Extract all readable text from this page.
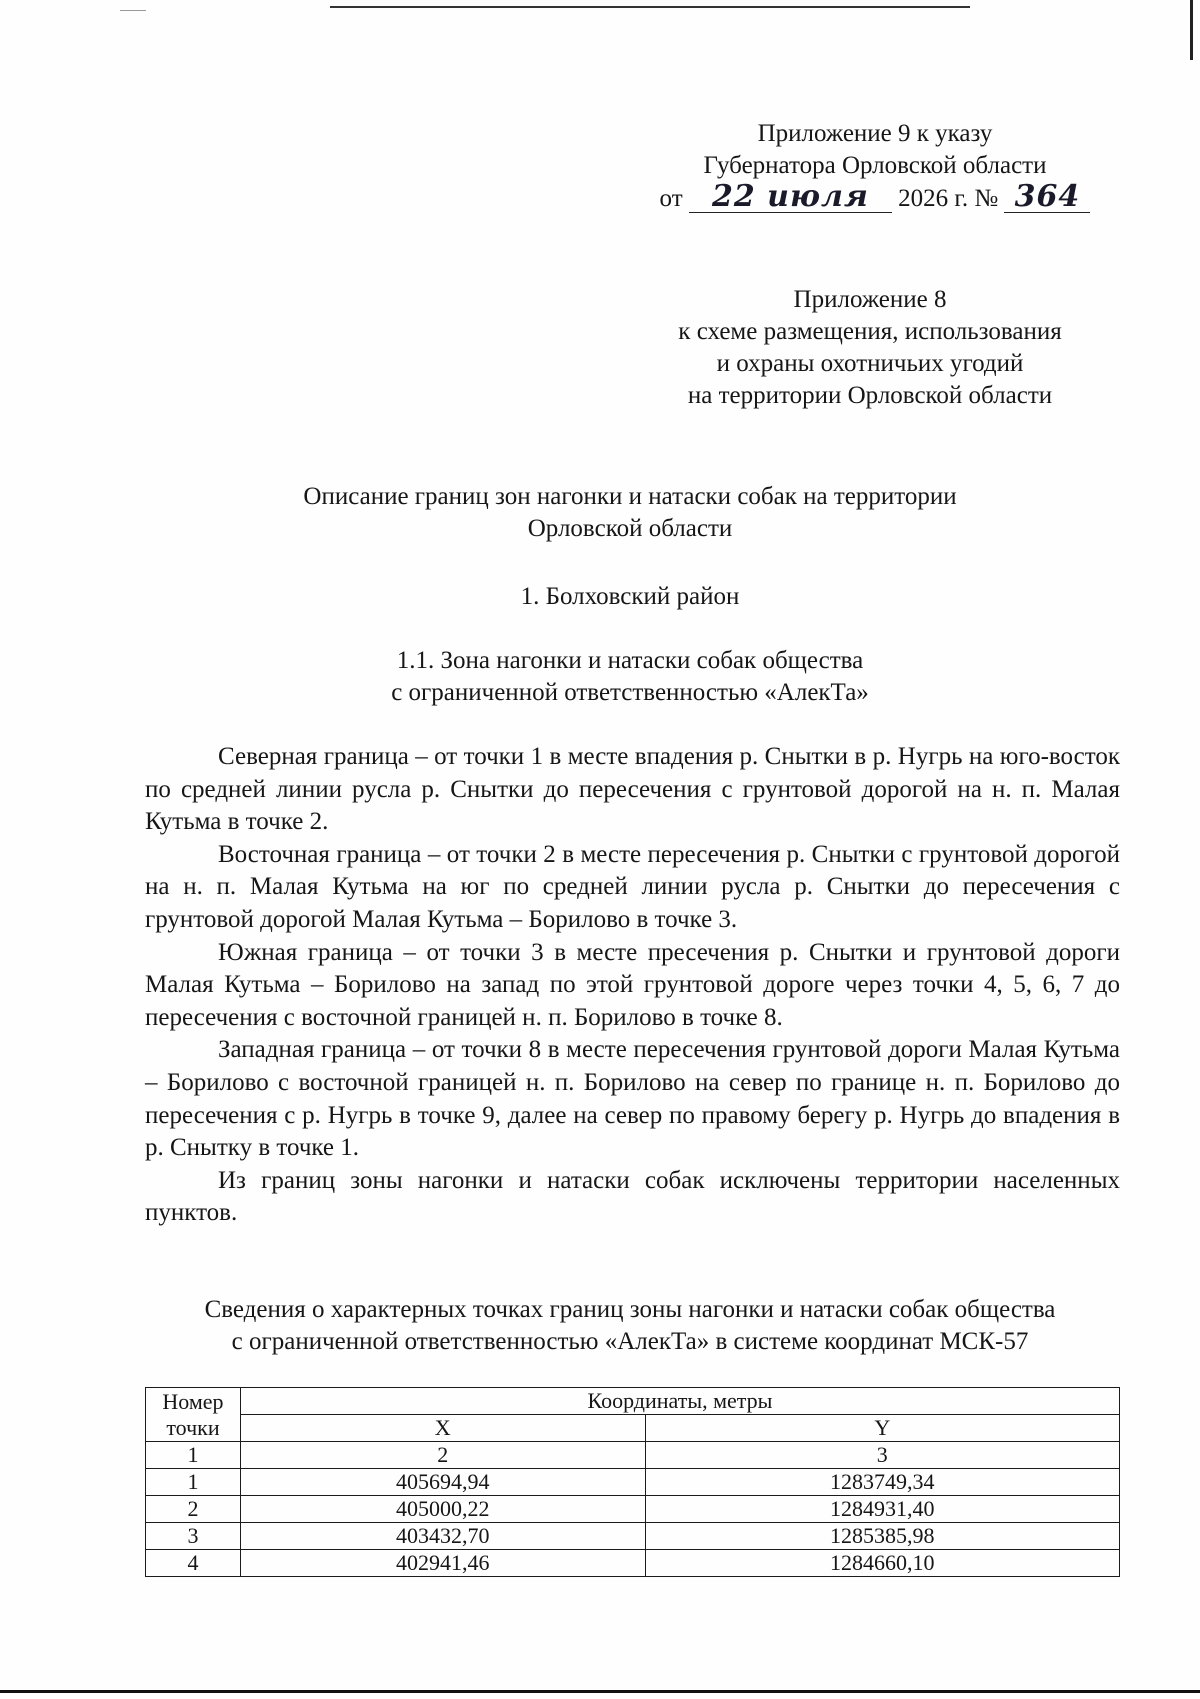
Приложение 9 к указу
Губернатора Орловской области
от 22 июля 2026 г. № 364
Приложение 8
к схеме размещения, использования
и охраны охотничьих угодий
на территории Орловской области
Описание границ зон нагонки и натаски собак на территории
Орловской области
1. Болховский район
1.1. Зона нагонки и натаски собак общества
с ограниченной ответственностью «АлекТа»

Северная граница – от точки 1 в месте впадения р. Снытки в р. Нугрь на юго-восток по средней линии русла р. Снытки до пересечения с грунтовой дорогой на н. п. Малая Кутьма в точке 2.

Восточная граница – от точки 2 в месте пересечения р. Снытки с грунтовой дорогой на н. п. Малая Кутьма на юг по средней линии русла р. Снытки до пересечения с грунтовой дорогой Малая Кутьма – Борилово в точке 3.

Южная граница – от точки 3 в месте пресечения р. Снытки и грунтовой дороги Малая Кутьма – Борилово на запад по этой грунтовой дороге через точки 4, 5, 6, 7 до пересечения с восточной границей н. п. Борилово в точке 8.

Западная граница – от точки 8 в месте пересечения грунтовой дороги Малая Кутьма – Борилово с восточной границей н. п. Борилово на север по границе н. п. Борилово до пересечения с р. Нугрь в точке 9, далее на север по правому берегу р. Нугрь до впадения в р. Снытку в точке 1.

Из границ зоны нагонки и натаски собак исключены территории населенных пунктов.

Сведения о характерных точках границ зоны нагонки и натаски собак общества
с ограниченной ответственностью «АлекТа» в системе координат МСК-57
Номер
точки	Координаты, метры	
	X	Y
1	2	3
1	405694,94	1283749,34
2	405000,22	1284931,40
3	403432,70	1285385,98
4	402941,46	1284660,10
